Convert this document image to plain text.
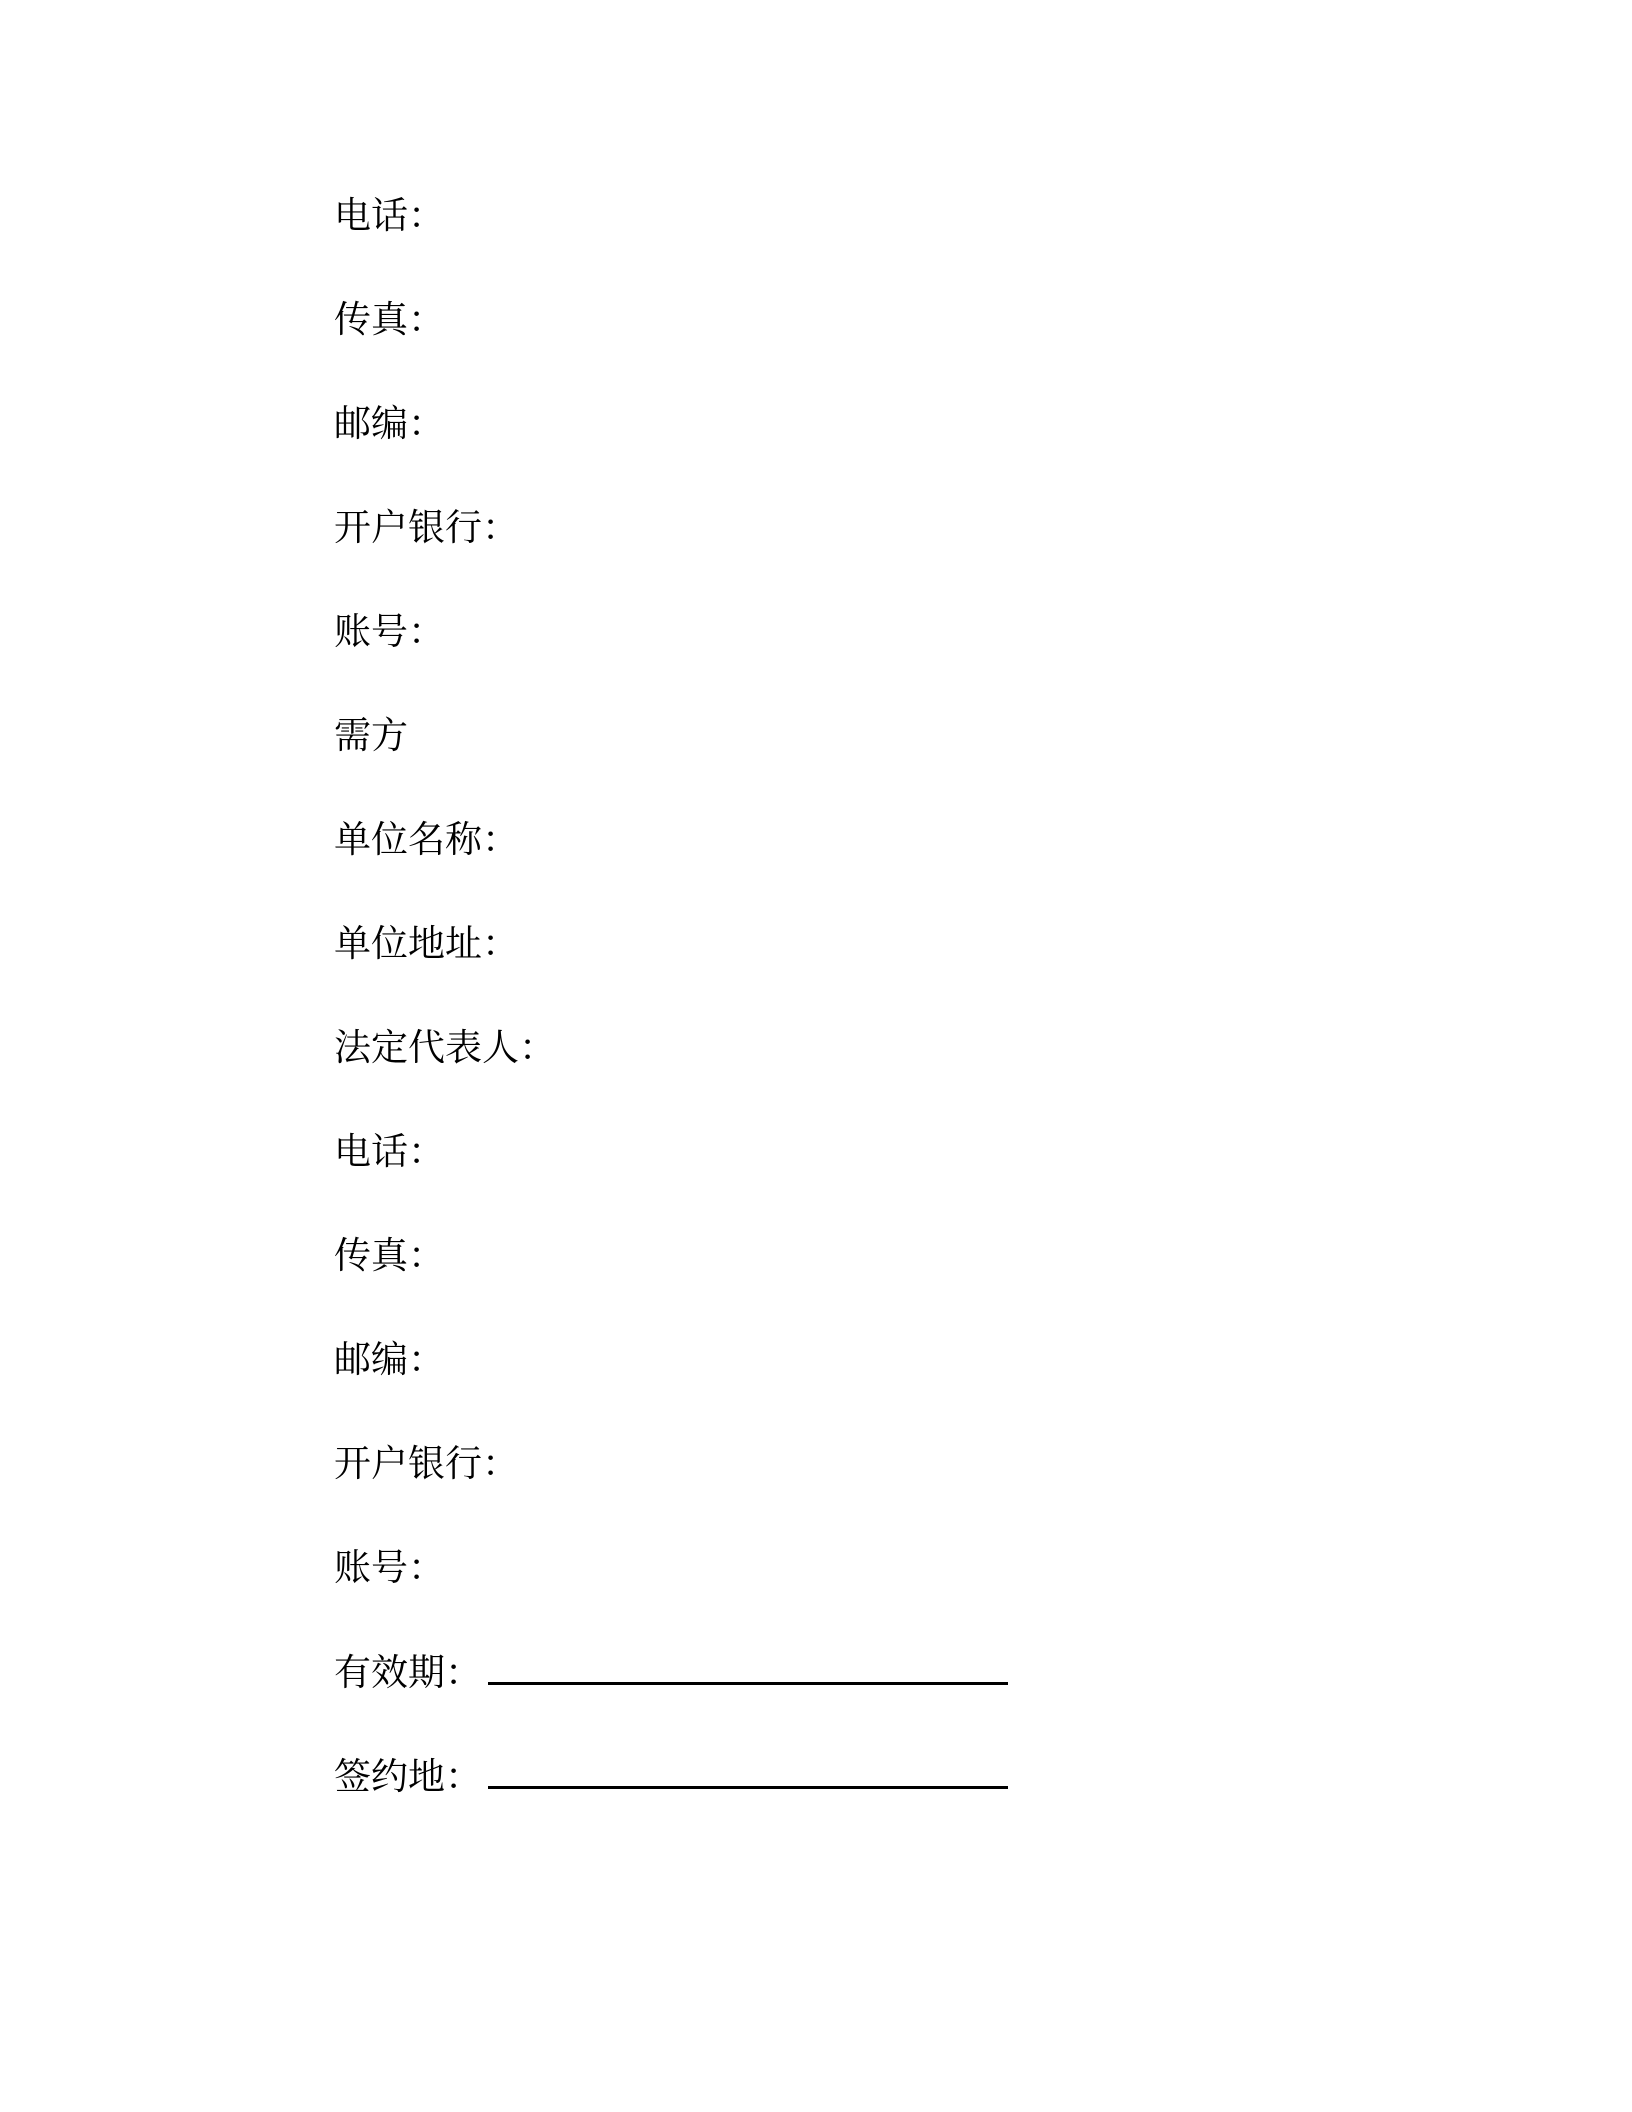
电话：
传真：
邮编：
开户银行：
账号：
需方
单位名称：
单位地址：
法定代表人：
电话：
传真：
邮编：
开户银行：
账号：
有效期：
签约地：
